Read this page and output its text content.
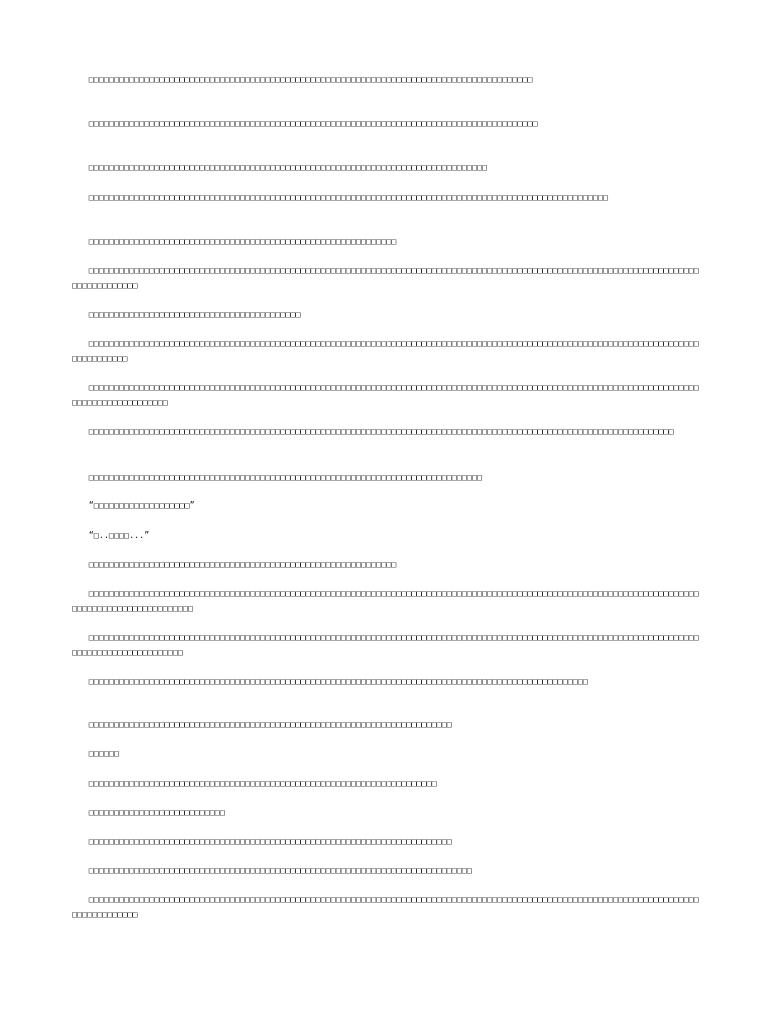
　　□□□□□□□□□□□□□□□□□□□□□□□□□□□□□□□□□□□□□□□□□□□□□□□□□□□□□□□□□□□□□□□□□□□□□□□□□□□□□□□□□□□□□□□□

　　□□□□□□□□□□□□□□□□□□□□□□□□□□□□□□□□□□□□□□□□□□□□□□□□□□□□□□□□□□□□□□□□□□□□□□□□□□□□□□□□□□□□□□□□□

　　□□□□□□□□□□□□□□□□□□□□□□□□□□□□□□□□□□□□□□□□□□□□□□□□□□□□□□□□□□□□□□□□□□□□□□□□□□□□□□□

　　□□□□□□□□□□□□□□□□□□□□□□□□□□□□□□□□□□□□□□□□□□□□□□□□□□□□□□□□□□□□□□□□□□□□□□□□□□□□□□□□□□□□□□□□□□□□□□□□□□□□□□□

　　□□□□□□□□□□□□□□□□□□□□□□□□□□□□□□□□□□□□□□□□□□□□□□□□□□□□□□□□□□□□□

　　□□□□□□□□□□□□□□□□□□□□□□□□□□□□□□□□□□□□□□□□□□□□□□□□□□□□□□□□□□□□□□□□□□□□□□□□□□□□□□□□□□□□□□□□□□□□□□□□□□□□□□□□□□□□□□□□□□□□□□□□□□□□□□□□□□□□□□

　　□□□□□□□□□□□□□□□□□□□□□□□□□□□□□□□□□□□□□□□□□□

　　□□□□□□□□□□□□□□□□□□□□□□□□□□□□□□□□□□□□□□□□□□□□□□□□□□□□□□□□□□□□□□□□□□□□□□□□□□□□□□□□□□□□□□□□□□□□□□□□□□□□□□□□□□□□□□□□□□□□□□□□□□□□□□□□□□□□

　　□□□□□□□□□□□□□□□□□□□□□□□□□□□□□□□□□□□□□□□□□□□□□□□□□□□□□□□□□□□□□□□□□□□□□□□□□□□□□□□□□□□□□□□□□□□□□□□□□□□□□□□□□□□□□□□□□□□□□□□□□□□□□□□□□□□□□□□□□□□□

　　□□□□□□□□□□□□□□□□□□□□□□□□□□□□□□□□□□□□□□□□□□□□□□□□□□□□□□□□□□□□□□□□□□□□□□□□□□□□□□□□□□□□□□□□□□□□□□□□□□□□□□□□□□□□□□□□□□□□

　　□□□□□□□□□□□□□□□□□□□□□□□□□□□□□□□□□□□□□□□□□□□□□□□□□□□□□□□□□□□□□□□□□□□□□□□□□□□□□□

　　“□□□□□□□□□□□□□□□□□□□”

　　“□..□□□□...”

　　□□□□□□□□□□□□□□□□□□□□□□□□□□□□□□□□□□□□□□□□□□□□□□□□□□□□□□□□□□□□□

　　□□□□□□□□□□□□□□□□□□□□□□□□□□□□□□□□□□□□□□□□□□□□□□□□□□□□□□□□□□□□□□□□□□□□□□□□□□□□□□□□□□□□□□□□□□□□□□□□□□□□□□□□□□□□□□□□□□□□□□□□□□□□□□□□□□□□□□□□□□□□□□□□□

　　□□□□□□□□□□□□□□□□□□□□□□□□□□□□□□□□□□□□□□□□□□□□□□□□□□□□□□□□□□□□□□□□□□□□□□□□□□□□□□□□□□□□□□□□□□□□□□□□□□□□□□□□□□□□□□□□□□□□□□□□□□□□□□□□□□□□□□□□□□□□□□□

　　□□□□□□□□□□□□□□□□□□□□□□□□□□□□□□□□□□□□□□□□□□□□□□□□□□□□□□□□□□□□□□□□□□□□□□□□□□□□□□□□□□□□□□□□□□□□□□□□□□□

　　□□□□□□□□□□□□□□□□□□□□□□□□□□□□□□□□□□□□□□□□□□□□□□□□□□□□□□□□□□□□□□□□□□□□□□□□

　　□□□□□□

　　□□□□□□□□□□□□□□□□□□□□□□□□□□□□□□□□□□□□□□□□□□□□□□□□□□□□□□□□□□□□□□□□□□□□□

　　□□□□□□□□□□□□□□□□□□□□□□□□□□□

　　□□□□□□□□□□□□□□□□□□□□□□□□□□□□□□□□□□□□□□□□□□□□□□□□□□□□□□□□□□□□□□□□□□□□□□□□

　　□□□□□□□□□□□□□□□□□□□□□□□□□□□□□□□□□□□□□□□□□□□□□□□□□□□□□□□□□□□□□□□□□□□□□□□□□□□□

　　□□□□□□□□□□□□□□□□□□□□□□□□□□□□□□□□□□□□□□□□□□□□□□□□□□□□□□□□□□□□□□□□□□□□□□□□□□□□□□□□□□□□□□□□□□□□□□□□□□□□□□□□□□□□□□□□□□□□□□□□□□□□□□□□□□□□□□
